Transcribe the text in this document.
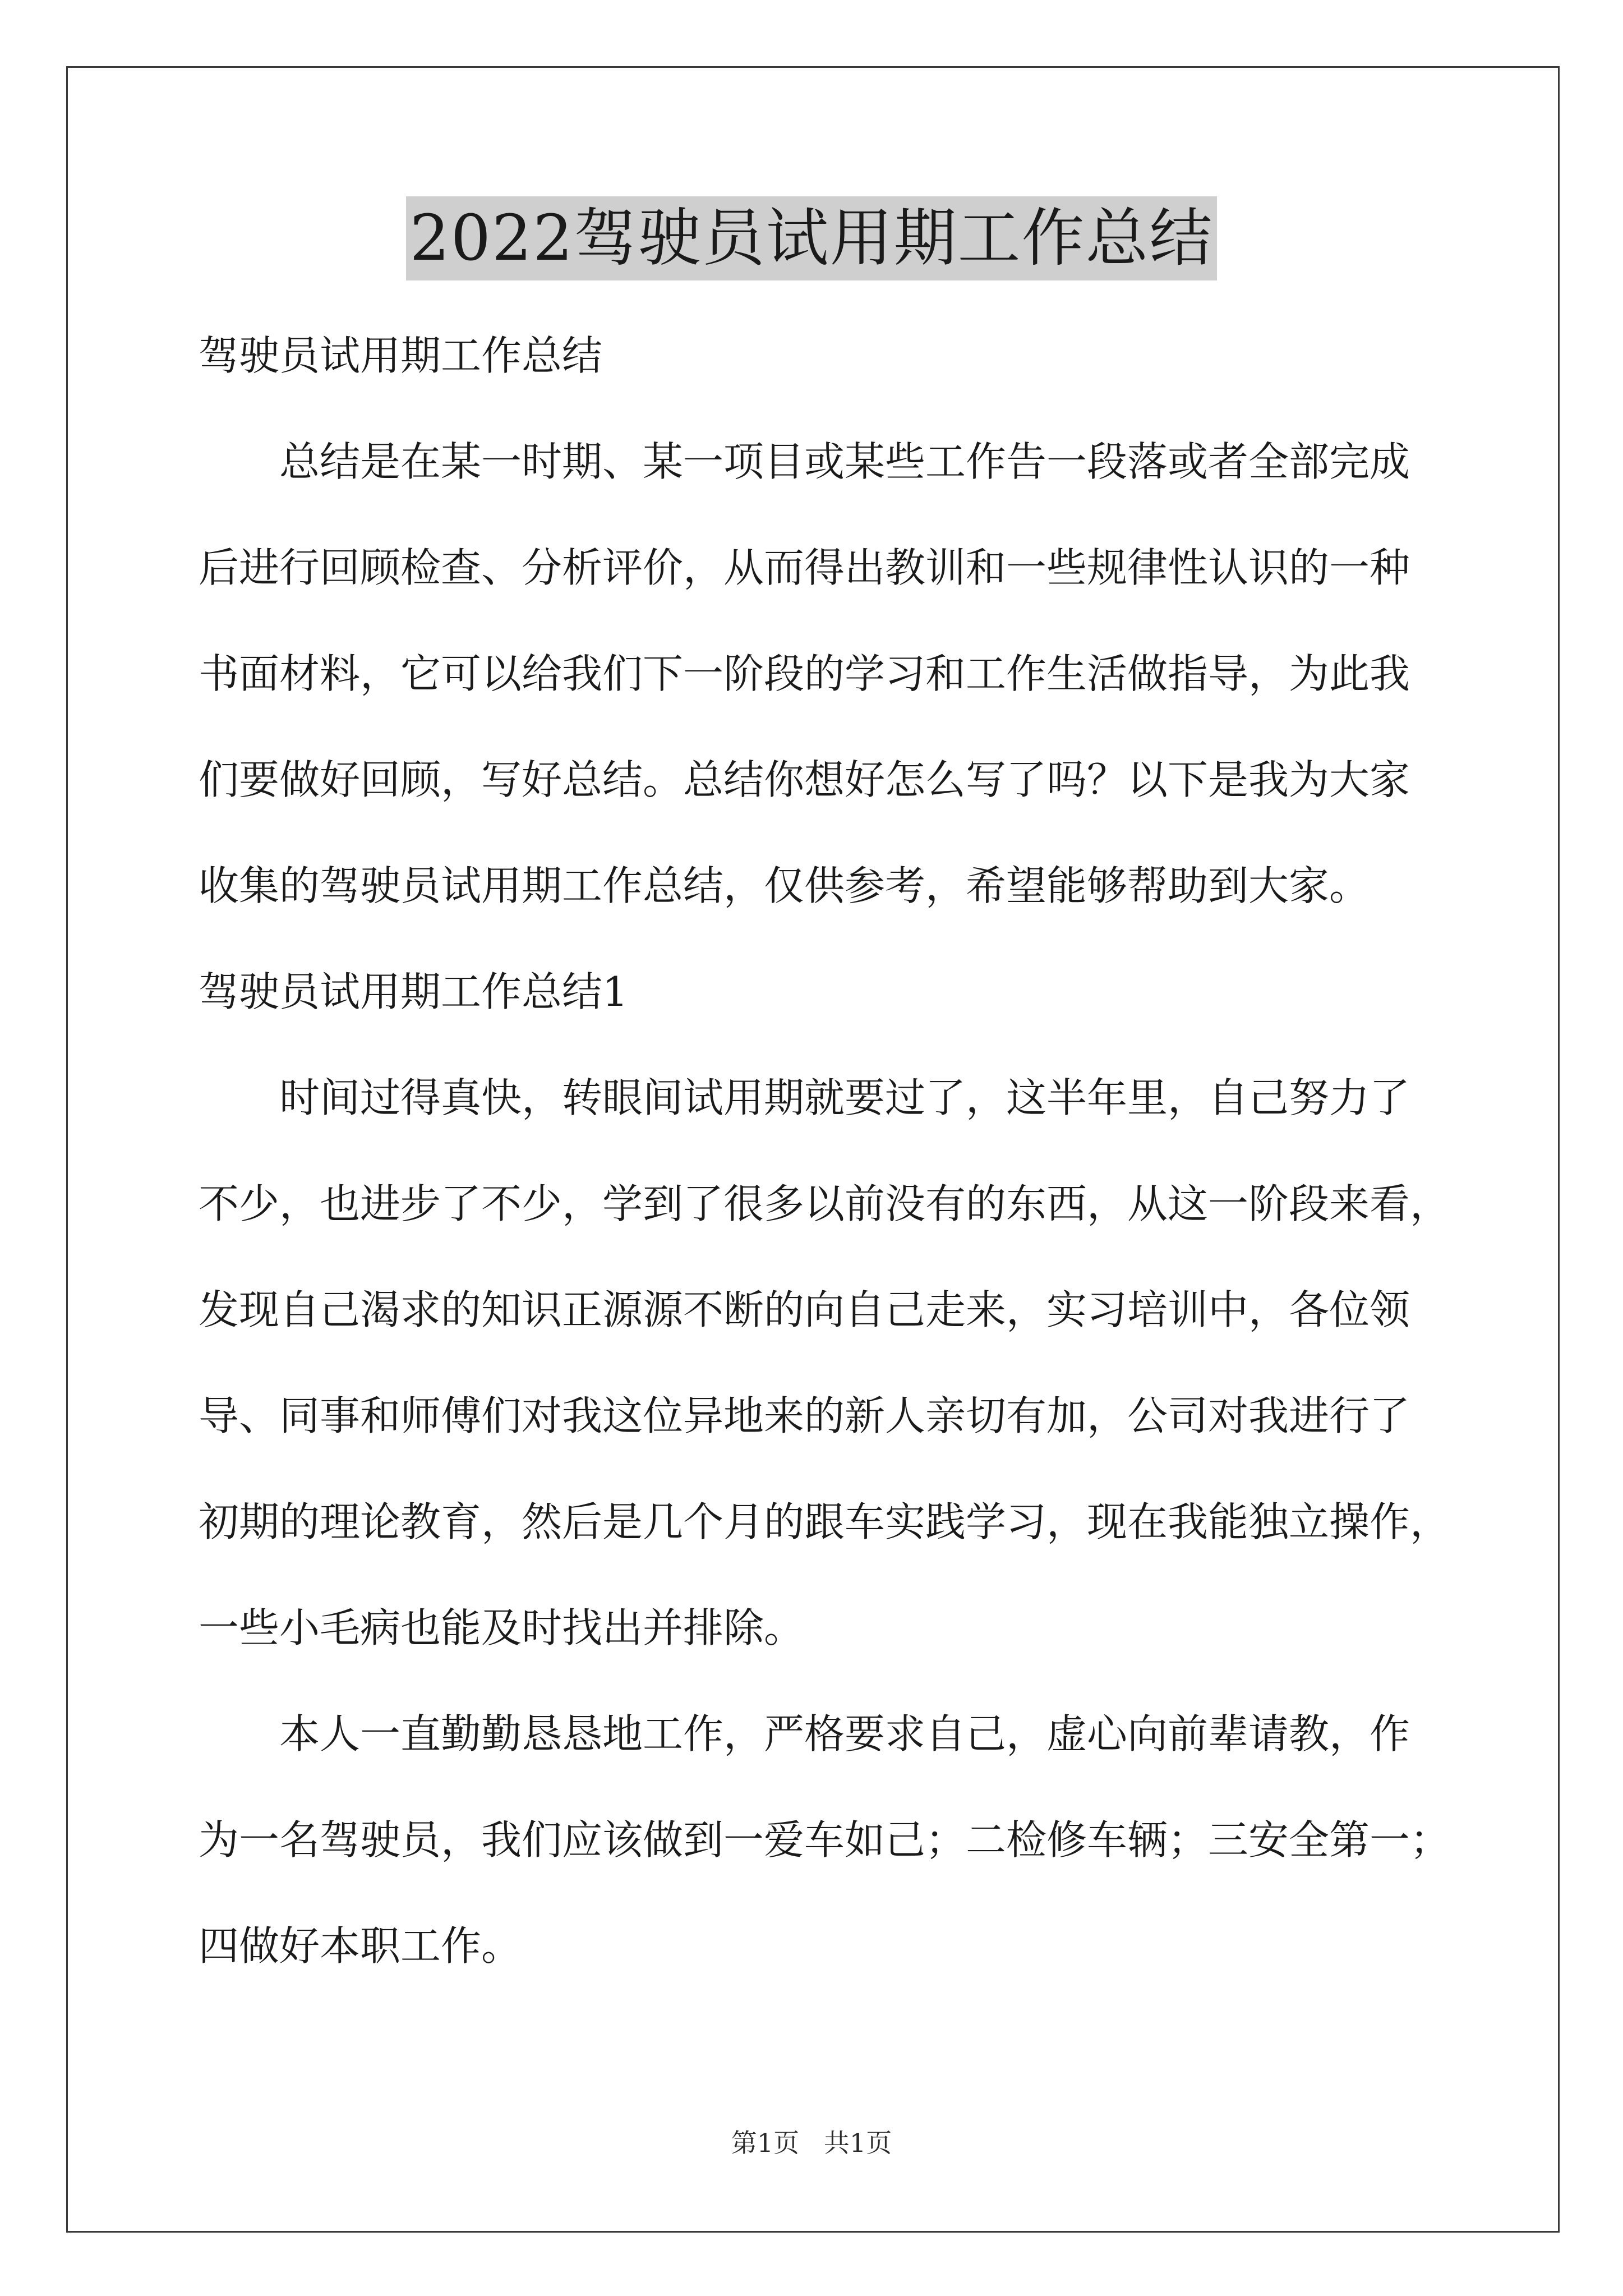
2022驾驶员试用期工作总结

驾驶员试用期工作总结

总结是在某一时期、某一项目或某些工作告一段落或者全部完成

后进行回顾检查、分析评价，从而得出教训和一些规律性认识的一种

书面材料，它可以给我们下一阶段的学习和工作生活做指导，为此我

们要做好回顾，写好总结。总结你想好怎么写了吗？以下是我为大家

收集的驾驶员试用期工作总结，仅供参考，希望能够帮助到大家。

驾驶员试用期工作总结1

时间过得真快，转眼间试用期就要过了，这半年里，自己努力了

不少，也进步了不少，学到了很多以前没有的东西，从这一阶段来看，

发现自己渴求的知识正源源不断的向自己走来，实习培训中，各位领

导、同事和师傅们对我这位异地来的新人亲切有加，公司对我进行了

初期的理论教育，然后是几个月的跟车实践学习，现在我能独立操作，

一些小毛病也能及时找出并排除。

本人一直勤勤恳恳地工作，严格要求自己，虚心向前辈请教，作

为一名驾驶员，我们应该做到一爱车如己；二检修车辆；三安全第一；

四做好本职工作。

第1页   共1页
